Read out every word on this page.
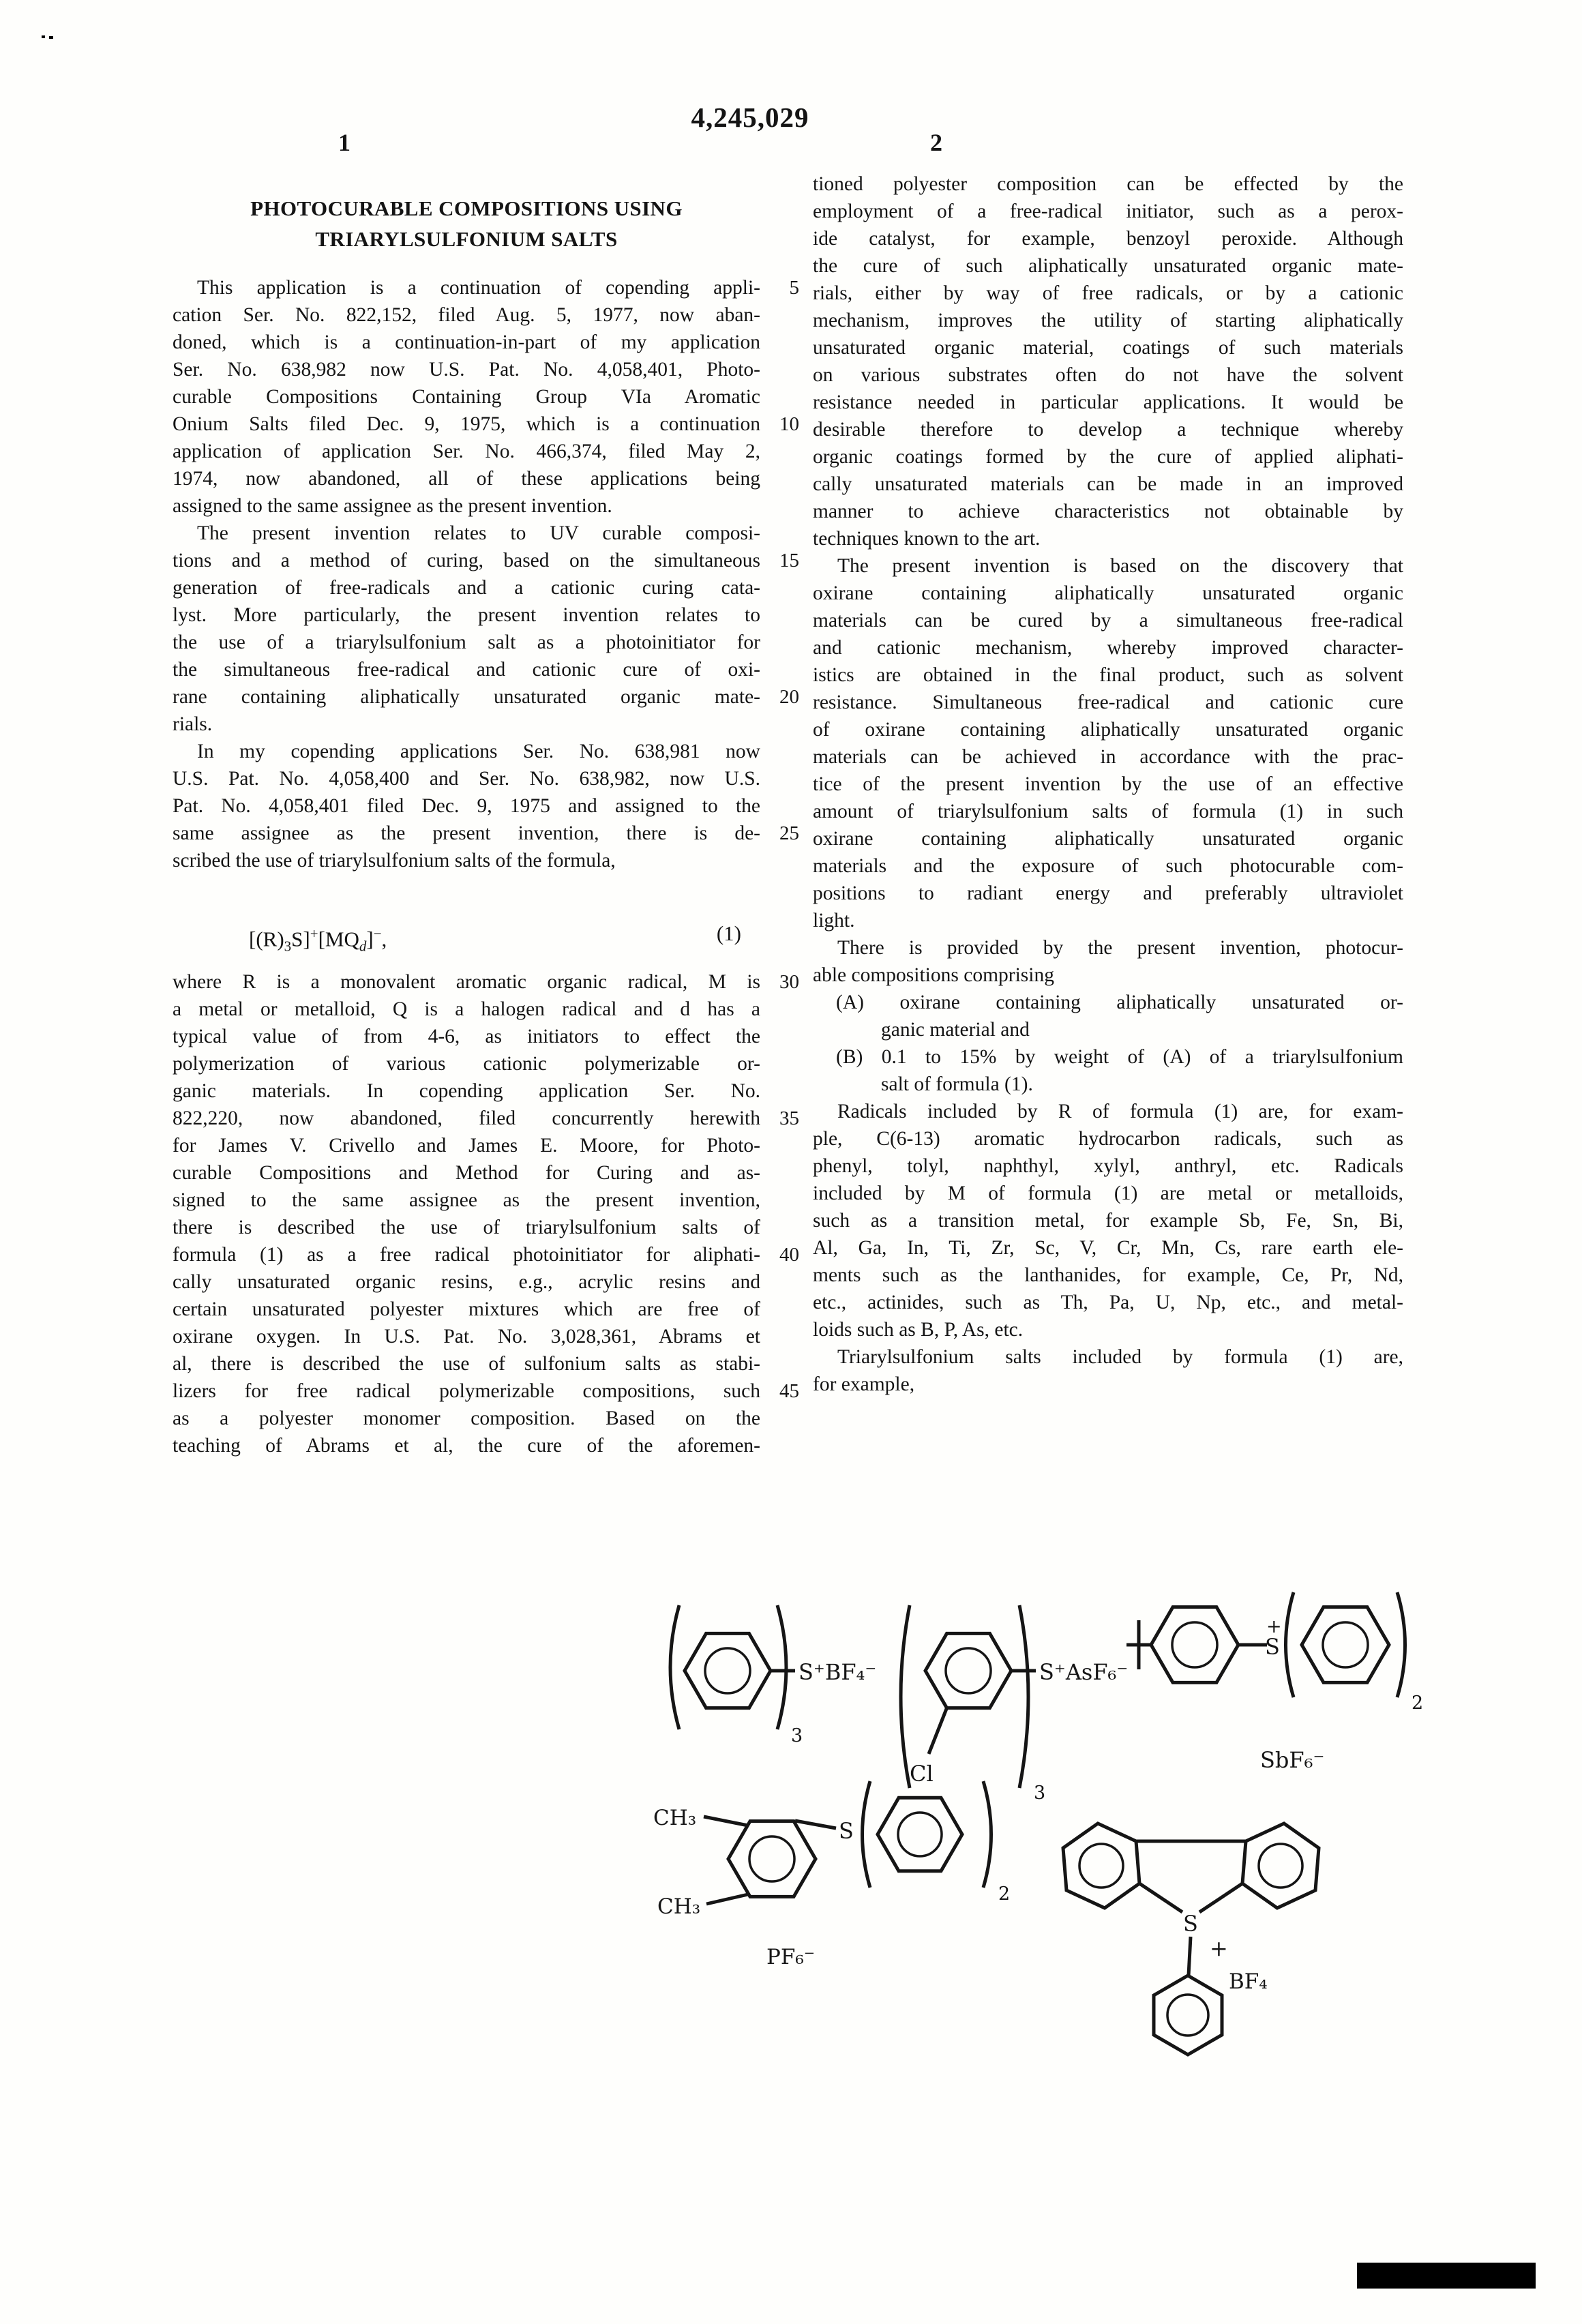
4,245,029
1	2
PHOTOCURABLE COMPOSITIONS USING
TRIARYLSULFONIUM SALTS
This application is a continuation of copending appli-
cation Ser. No. 822,152, filed Aug. 5, 1977, now aban-
doned, which is a continuation-in-part of my application
Ser. No. 638,982 now U.S. Pat. No. 4,058,401, Photo-
curable Compositions Containing Group VIa Aromatic
Onium Salts filed Dec. 9, 1975, which is a continuation
application of application Ser. No. 466,374, filed May 2,
1974, now abandoned, all of these applications being
assigned to the same assignee as the present invention.
The present invention relates to UV curable composi-
tions and a method of curing, based on the simultaneous
generation of free-radicals and a cationic curing cata-
lyst. More particularly, the present invention relates to
the use of a triarylsulfonium salt as a photoinitiator for
the simultaneous free-radical and cationic cure of oxi-
rane containing aliphatically unsaturated organic mate-
rials.
In my copending applications Ser. No. 638,981 now
U.S. Pat. No. 4,058,400 and Ser. No. 638,982, now U.S.
Pat. No. 4,058,401 filed Dec. 9, 1975 and assigned to the
same assignee as the present invention, there is de-
scribed the use of triarylsulfonium salts of the formula,
$[(R)_3S]^+[MQ_d]^-$,	(1)
where R is a monovalent aromatic organic radical, M is
a metal or metalloid, Q is a halogen radical and d has a
typical value of from 4-6, as initiators to effect the
polymerization of various cationic polymerizable or-
ganic materials. In copending application Ser. No.
822,220, now abandoned, filed concurrently herewith
for James V. Crivello and James E. Moore, for Photo-
curable Compositions and Method for Curing and as-
signed to the same assignee as the present invention,
there is described the use of triarylsulfonium salts of
formula (1) as a free radical photoinitiator for aliphati-
cally unsaturated organic resins, e.g., acrylic resins and
certain unsaturated polyester mixtures which are free of
oxirane oxygen. In U.S. Pat. No. 3,028,361, Abrams et
al, there is described the use of sulfonium salts as stabi-
lizers for free radical polymerizable compositions, such
as a polyester monomer composition. Based on the
teaching of Abrams et al, the cure of the aforemen-
tioned polyester composition can be effected by the
employment of a free-radical initiator, such as a perox-
ide catalyst, for example, benzoyl peroxide. Although
the cure of such aliphatically unsaturated organic mate-
rials, either by way of free radicals, or by a cationic
mechanism, improves the utility of starting aliphatically
unsaturated organic material, coatings of such materials
on various substrates often do not have the solvent
resistance needed in particular applications. It would be
desirable therefore to develop a technique whereby
organic coatings formed by the cure of applied aliphati-
cally unsaturated materials can be made in an improved
manner to achieve characteristics not obtainable by
techniques known to the art.
The present invention is based on the discovery that
oxirane containing aliphatically unsaturated organic
materials can be cured by a simultaneous free-radical
and cationic mechanism, whereby improved character-
istics are obtained in the final product, such as solvent
resistance. Simultaneous free-radical and cationic cure
of oxirane containing aliphatically unsaturated organic
materials can be achieved in accordance with the prac-
tice of the present invention by the use of an effective
amount of triarylsulfonium salts of formula (1) in such
oxirane containing aliphatically unsaturated organic
materials and the exposure of such photocurable com-
positions to radiant energy and preferably ultraviolet
light.
There is provided by the present invention, photocur-
able compositions comprising
(A) oxirane containing aliphatically unsaturated or-
ganic material and
(B) 0.1 to 15% by weight of (A) of a triarylsulfonium
salt of formula (1).
Radicals included by R of formula (1) are, for exam-
ple, C(6-13) aromatic hydrocarbon radicals, such as
phenyl, tolyl, naphthyl, xylyl, anthryl, etc. Radicals
included by M of formula (1) are metal or metalloids,
such as a transition metal, for example Sb, Fe, Sn, Bi,
Al, Ga, In, Ti, Zr, Sc, V, Cr, Mn, Cs, rare earth ele-
ments such as the lanthanides, for example, Ce, Pr, Nd,
etc., actinides, such as Th, Pa, U, Np, etc., and metal-
loids such as B, P, As, etc.
Triarylsulfonium salts included by formula (1) are,
for example,
5
10
15
20
25
30
35
40
45
3
S⁺BF₄⁻
Cl
3
S⁺AsF₆⁻
+
S
2
SbF₆⁻
CH₃
CH₃
S
2
PF₆⁻
S
+
BF₄
